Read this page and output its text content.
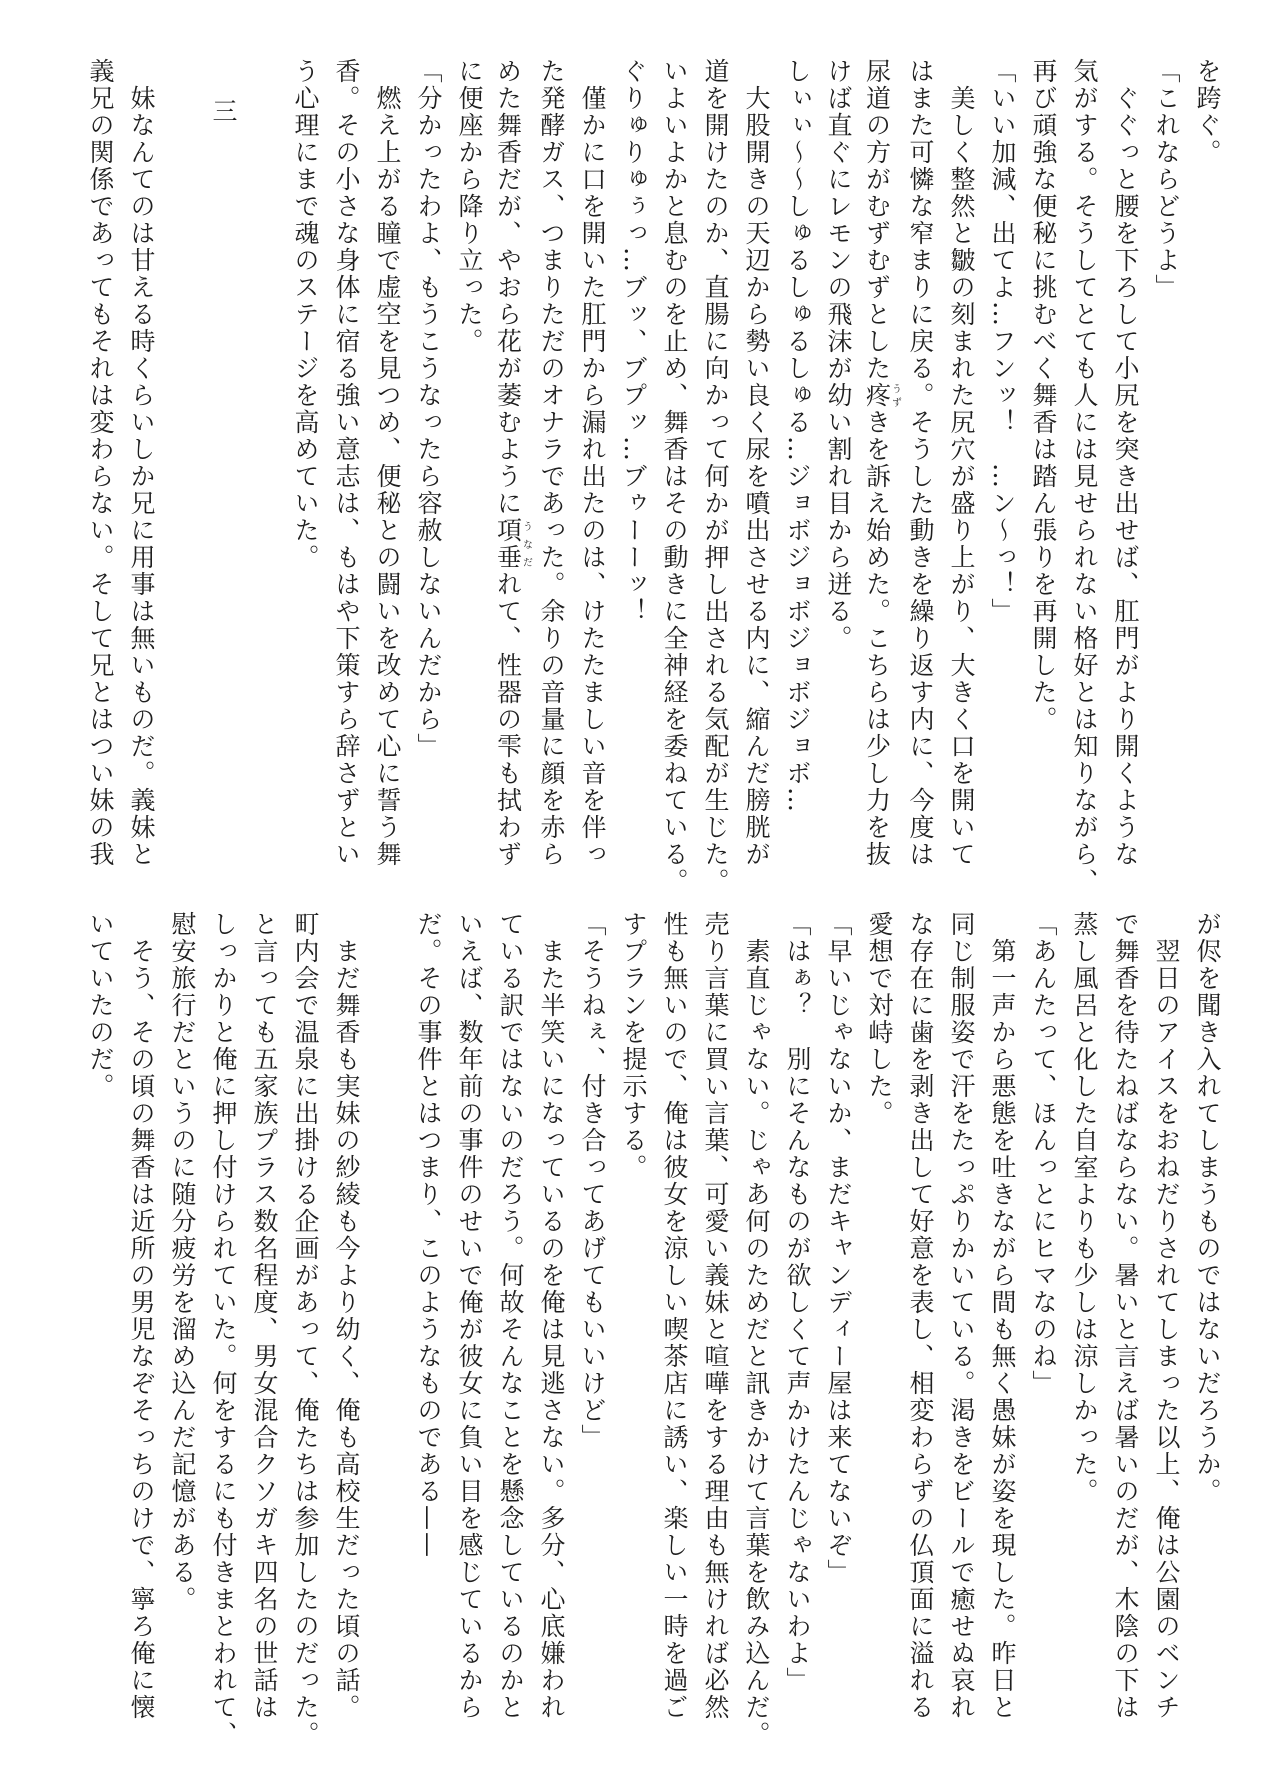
を跨ぐ。
「これならどうよ」
　ぐぐっと腰を下ろして小尻を突き出せば、肛門がより開くような
気がする。そうしてとても人には見せられない格好とは知りながら、
再び頑強な便秘に挑むべく舞香は踏ん張りを再開した。
「いい加減、出てよ…フンッ！　…ン〜っ！」
　美しく整然と皺の刻まれた尻穴が盛り上がり、大きく口を開いて
はまた可憐な窄まりに戻る。そうした動きを繰り返す内に、今度は
尿道の方がむずむずとした疼うずきを訴え始めた。こちらは少し力を抜
けば直ぐにレモンの飛沫が幼い割れ目から迸る。
しぃぃ〜〜しゅるしゅるしゅる…ジョボジョボジョボジョボ…
　大股開きの天辺から勢い良く尿を噴出させる内に、縮んだ膀胱が
道を開けたのか、直腸に向かって何かが押し出される気配が生じた。
いよいよかと息むのを止め、舞香はその動きに全神経を委ねている。
ぐりゅりゅぅっ…ブッ、ブプッ…ブゥーーッ！
　僅かに口を開いた肛門から漏れ出たのは、けたたましい音を伴っ
た発酵ガス、つまりただのオナラであった。余りの音量に顔を赤ら
めた舞香だが、やおら花が萎むように項垂うなだれて、性器の雫も拭わず
に便座から降り立った。
「分かったわよ、もうこうなったら容赦しないんだから」
　燃え上がる瞳で虚空を見つめ、便秘との闘いを改めて心に誓う舞
香。その小さな身体に宿る強い意志は、もはや下策すら辞さずとい
う心理にまで魂のステージを高めていた。
三
　妹なんてのは甘える時くらいしか兄に用事は無いものだ。義妹と
義兄の関係であってもそれは変わらない。そして兄とはつい妹の我
が侭を聞き入れてしまうものではないだろうか。
　翌日のアイスをおねだりされてしまった以上、俺は公園のベンチ
で舞香を待たねばならない。暑いと言えば暑いのだが、木陰の下は
蒸し風呂と化した自室よりも少しは涼しかった。
「あんたって、ほんっとにヒマなのね」
　第一声から悪態を吐きながら間も無く愚妹が姿を現した。昨日と
同じ制服姿で汗をたっぷりかいている。渇きをビールで癒せぬ哀れ
な存在に歯を剥き出して好意を表し、相変わらずの仏頂面に溢れる
愛想で対峙した。
「早いじゃないか、まだキャンディー屋は来てないぞ」
「はぁ？　別にそんなものが欲しくて声かけたんじゃないわよ」
　素直じゃない。じゃあ何のためだと訊きかけて言葉を飲み込んだ。
売り言葉に買い言葉、可愛い義妹と喧嘩をする理由も無ければ必然
性も無いので、俺は彼女を涼しい喫茶店に誘い、楽しい一時を過ご
すプランを提示する。
「そうねぇ、付き合ってあげてもいいけど」
　また半笑いになっているのを俺は見逃さない。多分、心底嫌われ
ている訳ではないのだろう。何故そんなことを懸念しているのかと
いえば、数年前の事件のせいで俺が彼女に負い目を感じているから
だ。その事件とはつまり、このようなものである——
　まだ舞香も実妹の紗綾も今より幼く、俺も高校生だった頃の話。
町内会で温泉に出掛ける企画があって、俺たちは参加したのだった。
と言っても五家族プラス数名程度、男女混合クソガキ四名の世話は
しっかりと俺に押し付けられていた。何をするにも付きまとわれて、
慰安旅行だというのに随分疲労を溜め込んだ記憶がある。
　そう、その頃の舞香は近所の男児なぞそっちのけで、寧ろ俺に懐
いていたのだ。
